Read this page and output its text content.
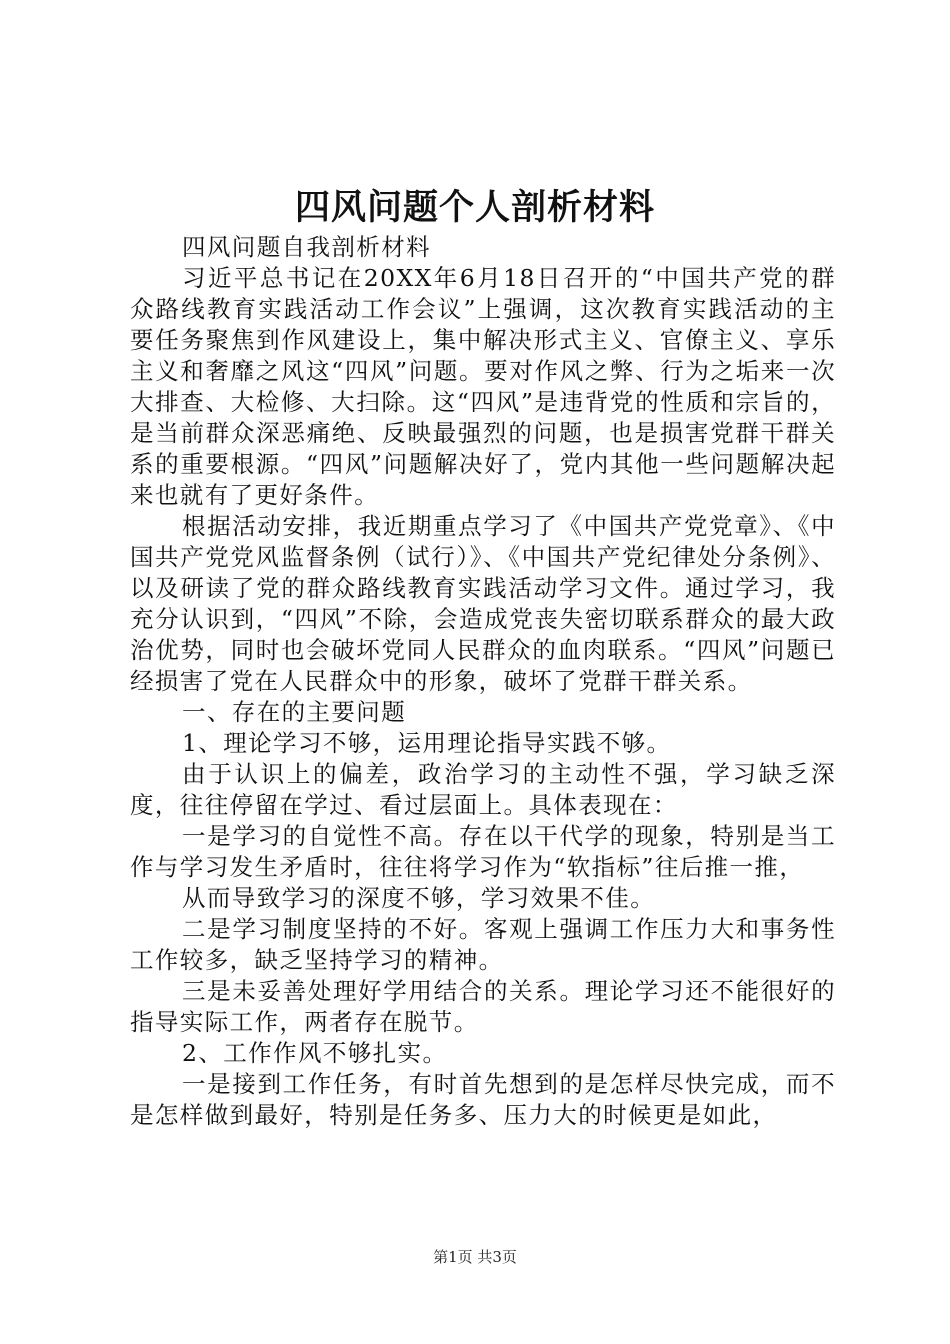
四风问题个人剖析材料

四风问题自我剖析材料

习近平总书记在20XX年6月18日召开的“中国共产党的群众路线教育实践活动工作会议”上强调，这次教育实践活动的主要任务聚焦到作风建设上，集中解决形式主义、官僚主义、享乐主义和奢靡之风这“四风”问题。要对作风之弊、行为之垢来一次大排查、大检修、大扫除。这“四风”是违背党的性质和宗旨的，是当前群众深恶痛绝、反映最强烈的问题，也是损害党群干群关系的重要根源。“四风”问题解决好了，党内其他一些问题解决起来也就有了更好条件。

根据活动安排，我近期重点学习了《中国共产党党章》、《中国共产党党风监督条例（试行）》、《中国共产党纪律处分条例》、以及研读了党的群众路线教育实践活动学习文件。通过学习，我充分认识到，“四风”不除，会造成党丧失密切联系群众的最大政治优势，同时也会破坏党同人民群众的血肉联系。“四风”问题已经损害了党在人民群众中的形象，破坏了党群干群关系。

一、存在的主要问题

1、理论学习不够，运用理论指导实践不够。

由于认识上的偏差，政治学习的主动性不强，学习缺乏深度，往往停留在学过、看过层面上。具体表现在：

一是学习的自觉性不高。存在以干代学的现象，特别是当工作与学习发生矛盾时，往往将学习作为“软指标”往后推一推，

从而导致学习的深度不够，学习效果不佳。

二是学习制度坚持的不好。客观上强调工作压力大和事务性工作较多，缺乏坚持学习的精神。

三是未妥善处理好学用结合的关系。理论学习还不能很好的指导实际工作，两者存在脱节。

2、工作作风不够扎实。

一是接到工作任务，有时首先想到的是怎样尽快完成，而不是怎样做到最好，特别是任务多、压力大的时候更是如此，

第1页 共3页
